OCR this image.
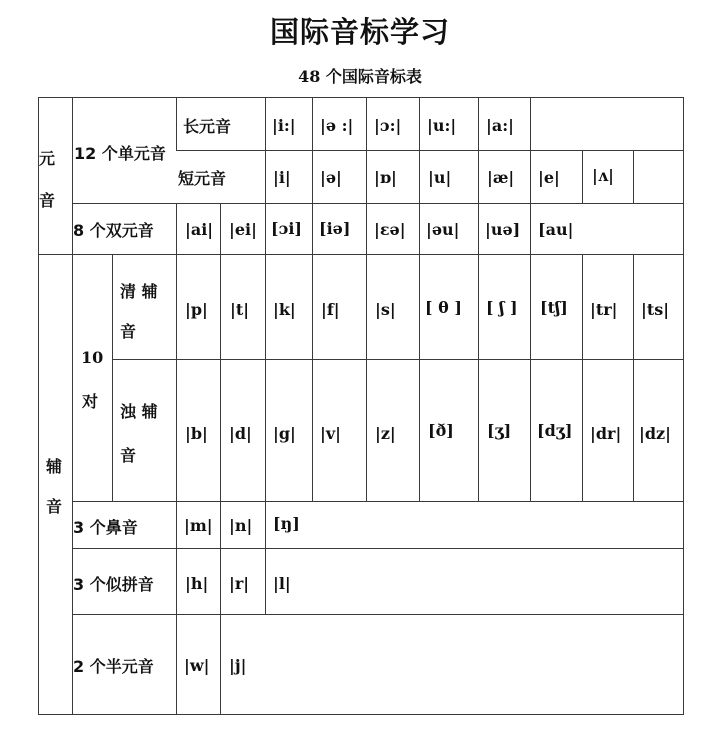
国际音标学习
48 个国际音标表
元
音
12 个单元音
长元音
短元音
8 个双元音
|i:| |ə :| |ɔ:| |u:| |a:|
|i| |ə| |ɒ| |u| |æ| |e| |ʌ|
|ai| |ei| [ɔi] [iə] |εə| |əu| |uə] [au|
辅
音
10
对
清 辅
音
浊 辅
音
|p| |t| |k| |f| |s| [ θ ] [ ʃ ] [tʃ] |tr| |ts|
|b| |d| |g| |v| |z| [ð] [ʒ] [dʒ] |dr| |dz|
3 个鼻音	|m| |n| [ŋ]
3 个似拼音 |h| |r| |l|
2 个半元音 |w| |j|
